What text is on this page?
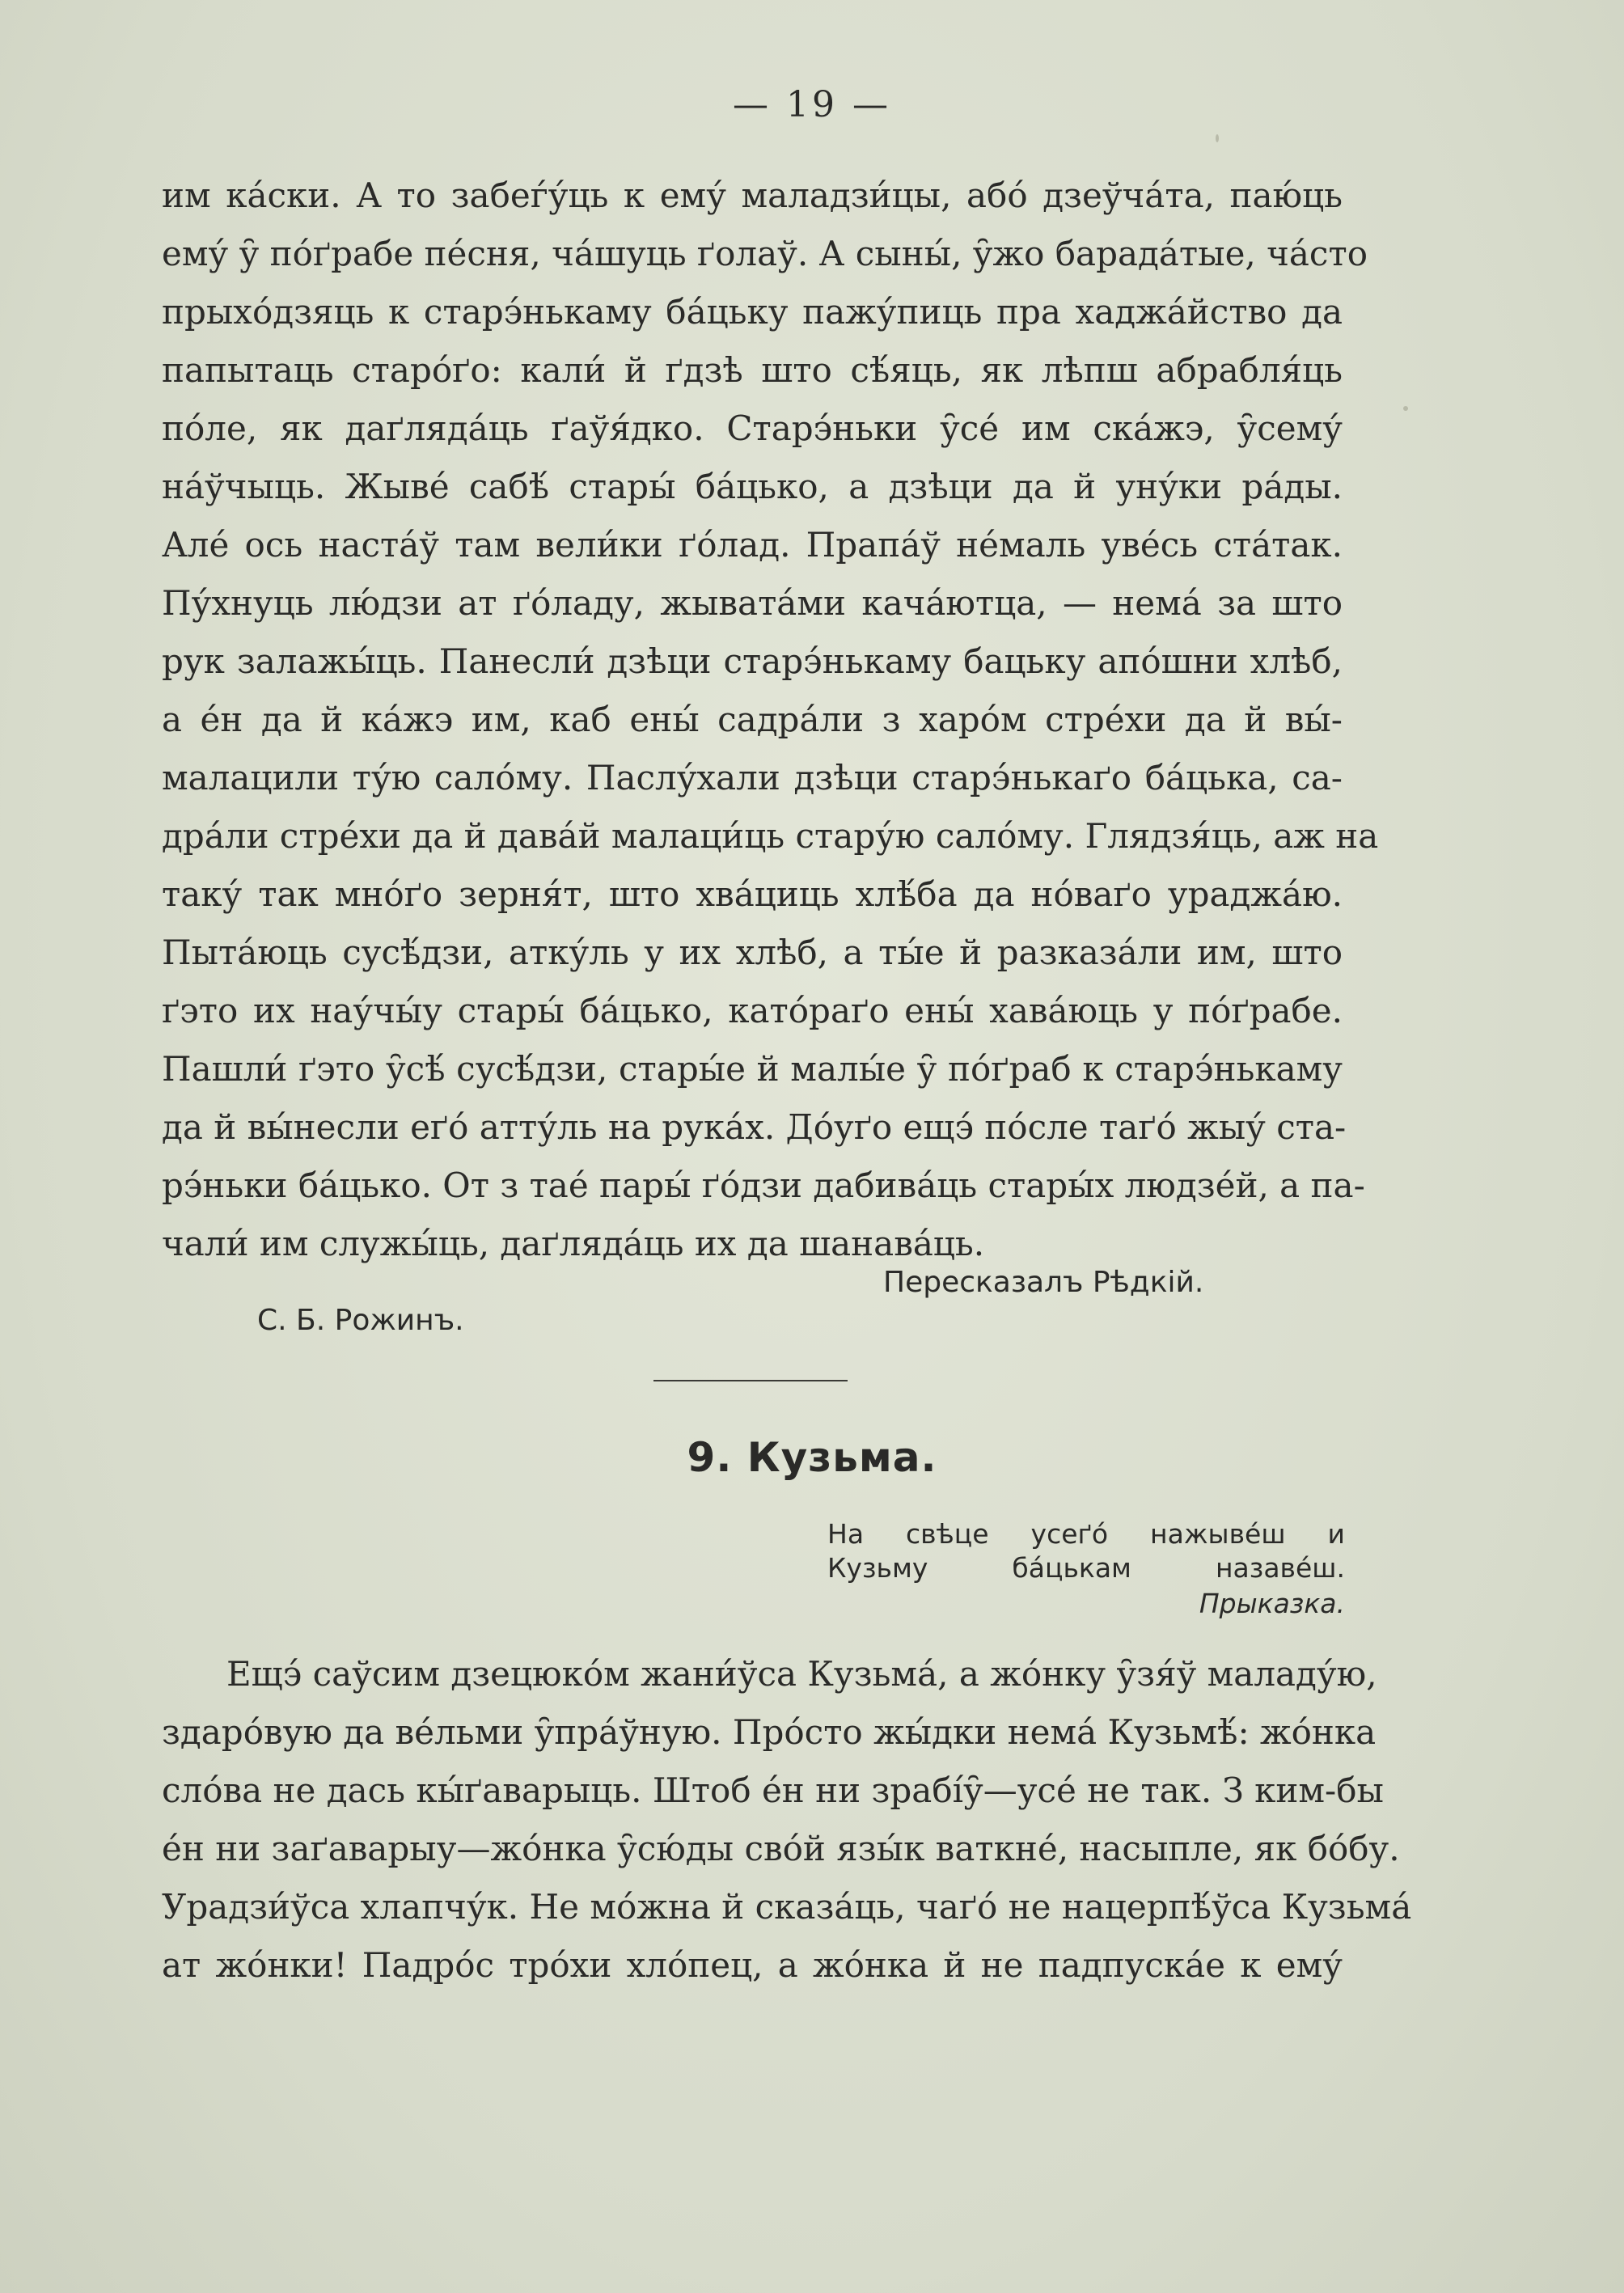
— 19 —
им ка́ски. А то забеѓу́ць к ему́ маладзи́цы, або́ дзеўча́та, паю́ць
ему́ у̑ по́ґрабе пе́сня, ча́шуць ґолаў. А сыны́, у̑жо барада́тые, ча́сто
прыхо́дзяць к старэ́нькаму ба́цьку пажу́пиць пра хаджа́йство да
папытаць старо́ґо: кали́ й ґдзѣ што сѣ́яць, як лѣпш абрабля́ць
по́ле, як даґляда́ць ґаўя́дко. Старэ́ньки у̑се́ им ска́жэ, у̑сему́
на́ўчыць. Жыве́ сабѣ́ стары́ ба́цько, а дзѣци да й уну́ки ра́ды.
Але́ ось наста́ў там вели́ки ґо́лад. Прапа́ў не́маль уве́сь ста́так.
Пу́хнуць лю́дзи ат ґо́ладу, жывата́ми кача́ютца, — нема́ за што
рук залажы́ць. Панесли́ дзѣци старэ́нькаму бацьку апо́шни хлѣб,
а е́н да й ка́жэ им, каб ены́ садра́ли з харо́м стре́хи да й вы́-
малацили ту́ю сало́му. Паслу́хали дзѣци старэ́нькаґо ба́цька, са-
дра́ли стре́хи да й дава́й малаци́ць стару́ю сало́му. Глядзя́ць, аж на
таку́ так мно́ґо зерня́т, што хва́циць хлѣ́ба да но́ваґо ураджа́ю.
Пыта́юць сусѣ́дзи, атку́ль у их хлѣб, а ты́е й разказа́ли им, што
ґэто их нау́чы́у стары́ ба́цько, като́раґо ены́ хава́юць у по́ґрабе.
Пашли́ ґэто у̑сѣ́ сусѣ́дзи, стары́е й малы́е у̑ по́ґраб к старэ́нькаму
да й вы́несли еґо́ атту́ль на рука́х. До́уґо ещэ́ по́сле таґо́ жыу́ ста-
рэ́ньки ба́цько. От з тае́ пары́ ґо́дзи дабива́ць стары́х людзе́й, а па-
чали́ им служы́ць, даґляда́ць их да шанава́ць.
Пересказалъ Рѣдкій.
С. Б. Рожинъ.
9. Кузьма.
На свѣце усеґо́ нажыве́ш и
Кузьму ба́цькам назаве́ш.
Прыказка.
Ещэ́ саўсим дзецюко́м жани́ўса Кузьма́, а жо́нку у̑зя́ў маладу́ю,
здаро́вую да ве́льми у̑пра́ўную. Про́сто жы́дки нема́ Кузьмѣ́: жо́нка
сло́ва не дась кы́ґаварыць. Штоб е́н ни зрабі́у̑—усе́ не так. З ким-бы
е́н ни заґаварыу—жо́нка у̑сю́ды сво́й язы́к ваткне́, насыпле, як бо́бу.
Урадзи́ўса хлапчу́к. Не мо́жна й сказа́ць, чаґо́ не нацерпѣ́ўса Кузьма́
ат жо́нки! Падро́с тро́хи хло́пец, а жо́нка й не падпуска́е к ему́
